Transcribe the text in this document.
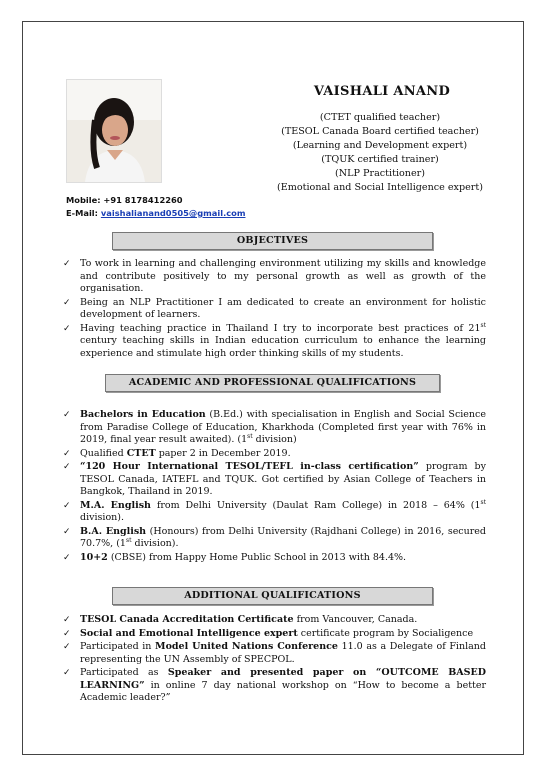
VAISHALI ANAND
(CTET qualified teacher)
(TESOL Canada Board certified teacher)
(Learning and Development expert)
(TQUK certified trainer)
(NLP Practitioner)
(Emotional and Social Intelligence expert)
Mobile: +91 8178412260
E-Mail: vaishalianand0505@gmail.com
OBJECTIVES
✓ To work in learning and challenging environment utilizing my skills and knowledge and contribute positively to my personal growth as well as growth of the organisation.
✓ Being an NLP Practitioner I am dedicated to create an environment for holistic development of learners.
✓ Having teaching practice in Thailand I try to incorporate best practices of 21st century teaching skills in Indian education curriculum to enhance the learning experience and stimulate high order thinking skills of my students.
ACADEMIC AND PROFESSIONAL QUALIFICATIONS
✓ Bachelors in Education (B.Ed.) with specialisation in English and Social Science from Paradise College of Education, Kharkhoda (Completed first year with 76% in 2019, final year result awaited). (1st division)
✓ Qualified CTET paper 2 in December 2019.
✓ “120 Hour International TESOL/TEFL in-class certification” program by TESOL Canada, IATEFL and TQUK. Got certified by Asian College of Teachers in Bangkok, Thailand in 2019.
✓ M.A. English from Delhi University (Daulat Ram College) in 2018 – 64% (1st division).
✓ B.A. English (Honours) from Delhi University (Rajdhani College) in 2016, secured 70.7%, (1st division).
✓ 10+2 (CBSE) from Happy Home Public School in 2013 with 84.4%.
ADDITIONAL QUALIFICATIONS
✓ TESOL Canada Accreditation Certificate from Vancouver, Canada.
✓ Social and Emotional Intelligence expert certificate program by Socialigence
✓ Participated in Model United Nations Conference 11.0 as a Delegate of Finland representing the UN Assembly of SPECPOL.
✓ Participated as Speaker and presented paper on “OUTCOME BASED LEARNING” in online 7 day national workshop on “How to become a better Academic leader?”
